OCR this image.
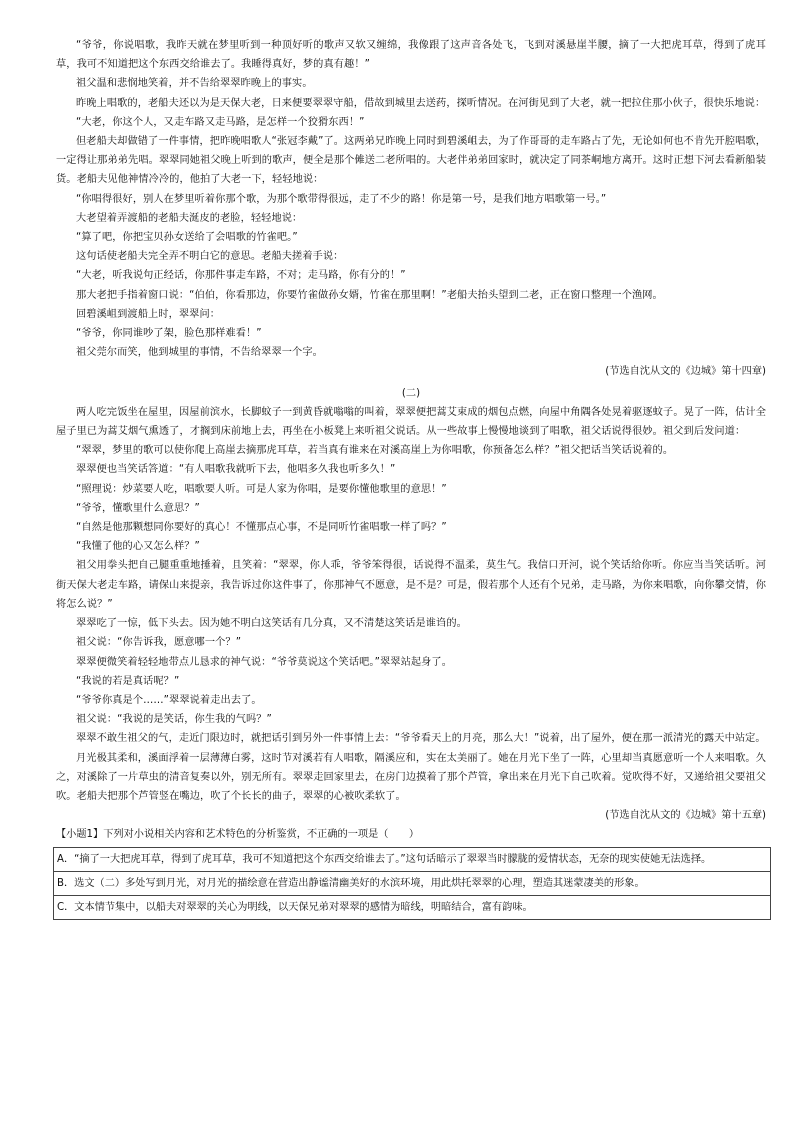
“爷爷，你说唱歌，我昨天就在梦里听到一种顶好听的歌声又软又缠绵，我像跟了这声音各处飞，飞到对溪悬崖半腰，摘了一大把虎耳草，得到了虎耳草，我可不知道把这个东西交给谁去了。我睡得真好，梦的真有趣！”

祖父温和悲悯地笑着，并不告给翠翠昨晚上的事实。

昨晚上唱歌的，老船夫还以为是天保大老，日来便要翠翠守船，借故到城里去送药，探听情况。在河街见到了大老，就一把拉住那小伙子，很快乐地说：

“大老，你这个人，又走车路又走马路，是怎样一个狡猾东西！”

但老船夫却做错了一件事情，把昨晚唱歌人“张冠李戴”了。这两弟兄昨晚上同时到碧溪岨去，为了作哥哥的走车路占了先，无论如何也不肯先开腔唱歌，一定得让那弟弟先唱。翠翠同她祖父晚上听到的歌声，便全是那个傩送二老所唱的。大老伴弟弟回家时，就决定了同茶峒地方离开。这时正想下河去看新船装货。老船夫见他神情冷冷的，他拍了大老一下，轻轻地说：

“你唱得很好，别人在梦里听着你那个歌，为那个歌带得很远，走了不少的路！你是第一号，是我们地方唱歌第一号。”

大老望着弄渡船的老船夫涎皮的老脸，轻轻地说：

“算了吧，你把宝贝孙女送给了会唱歌的竹雀吧。”

这句话使老船夫完全弄不明白它的意思。老船夫搓着手说：

“大老，听我说句正经话，你那件事走车路，不对；走马路，你有分的！”

那大老把手指着窗口说：“伯伯，你看那边，你要竹雀做孙女婿，竹雀在那里啊！”老船夫抬头望到二老，正在窗口整理一个渔网。

回碧溪岨到渡船上时，翠翠问：

“爷爷，你同谁吵了架，脸色那样难看！”

祖父莞尔而笑，他到城里的事情，不告给翠翠一个字。

(节选自沈从文的《边城》第十四章)

(二)

两人吃完饭坐在屋里，因屋前滨水，长脚蚊子一到黄昏就嗡嗡的叫着，翠翠便把蒿艾束成的烟包点燃，向屋中角隅各处晃着驱逐蚊子。晃了一阵，估计全屋子里已为蒿艾烟气熏透了，才搁到床前地上去，再坐在小板凳上来听祖父说话。从一些故事上慢慢地谈到了唱歌，祖父话说得很妙。祖父到后发问道：

“翠翠，梦里的歌可以使你爬上高崖去摘那虎耳草，若当真有谁来在对溪高崖上为你唱歌，你预备怎么样？”祖父把话当笑话说着的。

翠翠便也当笑话答道：“有人唱歌我就听下去，他唱多久我也听多久！”

“照理说：炒菜要人吃，唱歌要人听。可是人家为你唱，是要你懂他歌里的意思！”

“爷爷，懂歌里什么意思？”

“自然是他那颗想同你要好的真心！不懂那点心事，不是同听竹雀唱歌一样了吗？”

“我懂了他的心又怎么样？”

祖父用拳头把自己腿重重地捶着，且笑着：“翠翠，你人乖，爷爷笨得很，话说得不温柔，莫生气。我信口开河，说个笑话给你听。你应当当笑话听。河街天保大老走车路，请保山来提亲，我告诉过你这件事了，你那神气不愿意，是不是？可是，假若那个人还有个兄弟，走马路，为你来唱歌，向你攀交情，你将怎么说？”

翠翠吃了一惊，低下头去。因为她不明白这笑话有几分真，又不清楚这笑话是谁诌的。

祖父说：“你告诉我，愿意哪一个？”

翠翠便微笑着轻轻地带点儿恳求的神气说：“爷爷莫说这个笑话吧。”翠翠站起身了。

“我说的若是真话呢？”

“爷爷你真是个……”翠翠说着走出去了。

祖父说：“我说的是笑话，你生我的气吗？”

翠翠不敢生祖父的气，走近门限边时，就把话引到另外一件事情上去：“爷爷看天上的月亮，那么大！”说着，出了屋外，便在那一派清光的露天中站定。

月光极其柔和，溪面浮着一层薄薄白雾，这时节对溪若有人唱歌，隔溪应和，实在太美丽了。她在月光下坐了一阵，心里却当真愿意听一个人来唱歌。久之，对溪除了一片草虫的清音复奏以外，别无所有。翠翠走回家里去，在房门边摸着了那个芦管，拿出来在月光下自己吹着。觉吹得不好，又递给祖父要祖父吹。老船夫把那个芦管竖在嘴边，吹了个长长的曲子，翠翠的心被吹柔软了。

(节选自沈从文的《边城》第十五章)

【小题1】下列对小说相关内容和艺术特色的分析鉴赏，不正确的一项是（　　）

A．“摘了一大把虎耳草，得到了虎耳草，我可不知道把这个东西交给谁去了。”这句话暗示了翠翠当时朦胧的爱情状态，无奈的现实使她无法选择。
B．选文（二）多处写到月光，对月光的描绘意在营造出静谧清幽美好的水滨环境，用此烘托翠翠的心理，塑造其迷蒙凄美的形象。
C．文本情节集中，以船夫对翠翠的关心为明线，以天保兄弟对翠翠的感情为暗线，明暗结合，富有韵味。
